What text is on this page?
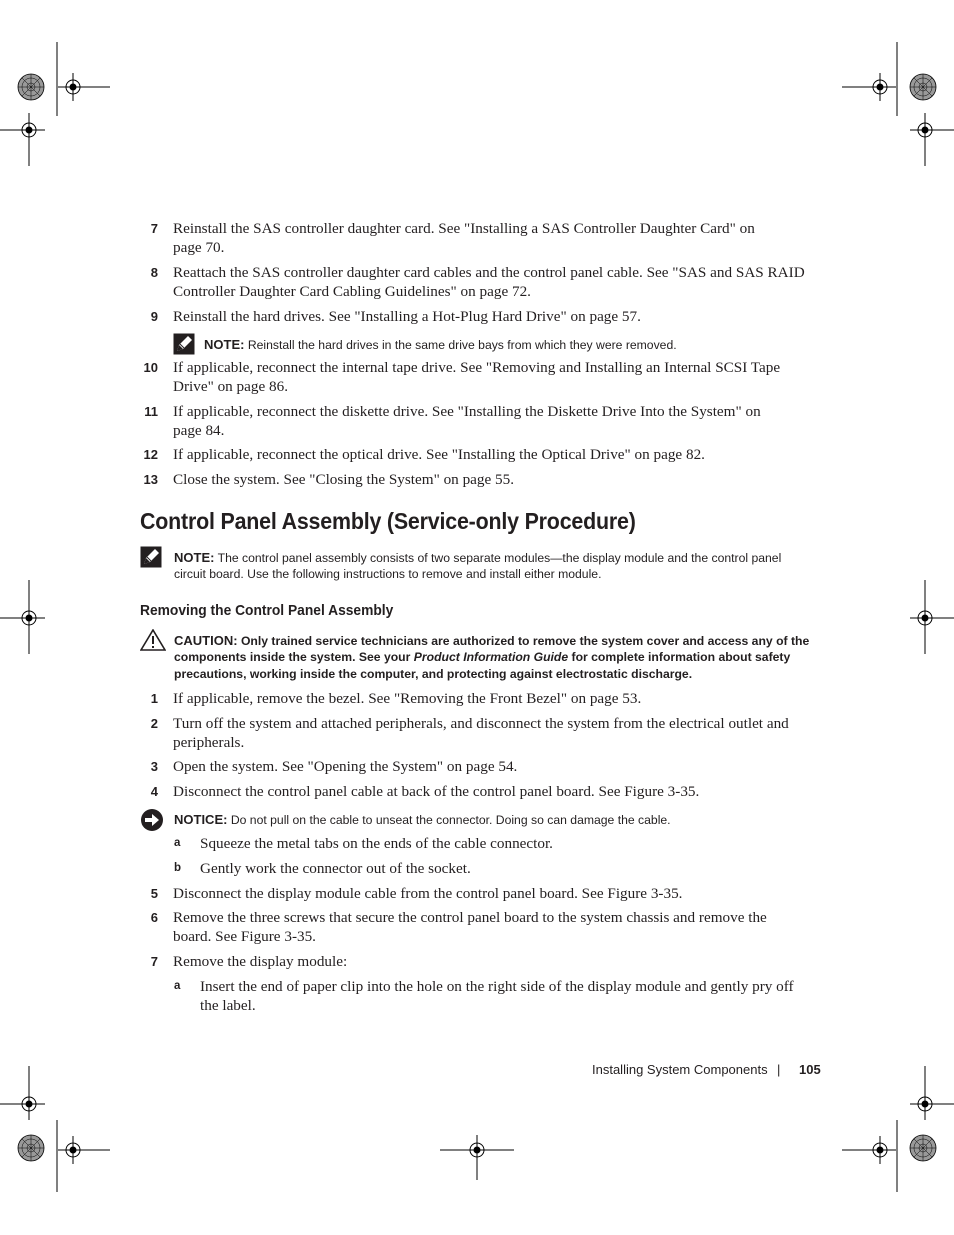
7 Reinstall the SAS controller daughter card. See "Installing a SAS Controller Daughter Card" on
page 70.
8 Reattach the SAS controller daughter card cables and the control panel cable. See "SAS and SAS RAID
Controller Daughter Card Cabling Guidelines" on page 72.
9 Reinstall the hard drives. See "Installing a Hot-Plug Hard Drive" on page 57.
NOTE: Reinstall the hard drives in the same drive bays from which they were removed.
10 If applicable, reconnect the internal tape drive. See "Removing and Installing an Internal SCSI Tape
Drive" on page 86.
11 If applicable, reconnect the diskette drive. See "Installing the Diskette Drive Into the System" on
page 84.
12 If applicable, reconnect the optical drive. See "Installing the Optical Drive" on page 82.
13 Close the system. See "Closing the System" on page 55.
Control Panel Assembly (Service-only Procedure)
NOTE: The control panel assembly consists of two separate modules—the display module and the control panel
circuit board. Use the following instructions to remove and install either module.
Removing the Control Panel Assembly
CAUTION: Only trained service technicians are authorized to remove the system cover and access any of the
components inside the system. See your Product Information Guide for complete information about safety
precautions, working inside the computer, and protecting against electrostatic discharge.
1 If applicable, remove the bezel. See "Removing the Front Bezel" on page 53.
2 Turn off the system and attached peripherals, and disconnect the system from the electrical outlet and
peripherals.
3 Open the system. See "Opening the System" on page 54.
4 Disconnect the control panel cable at back of the control panel board. See Figure 3-35.
NOTICE: Do not pull on the cable to unseat the connector. Doing so can damage the cable.
a Squeeze the metal tabs on the ends of the cable connector.
b Gently work the connector out of the socket.
5 Disconnect the display module cable from the control panel board. See Figure 3-35.
6 Remove the three screws that secure the control panel board to the system chassis and remove the
board. See Figure 3-35.
7 Remove the display module:
a Insert the end of paper clip into the hole on the right side of the display module and gently pry off
the label.
Installing System Components | 105
